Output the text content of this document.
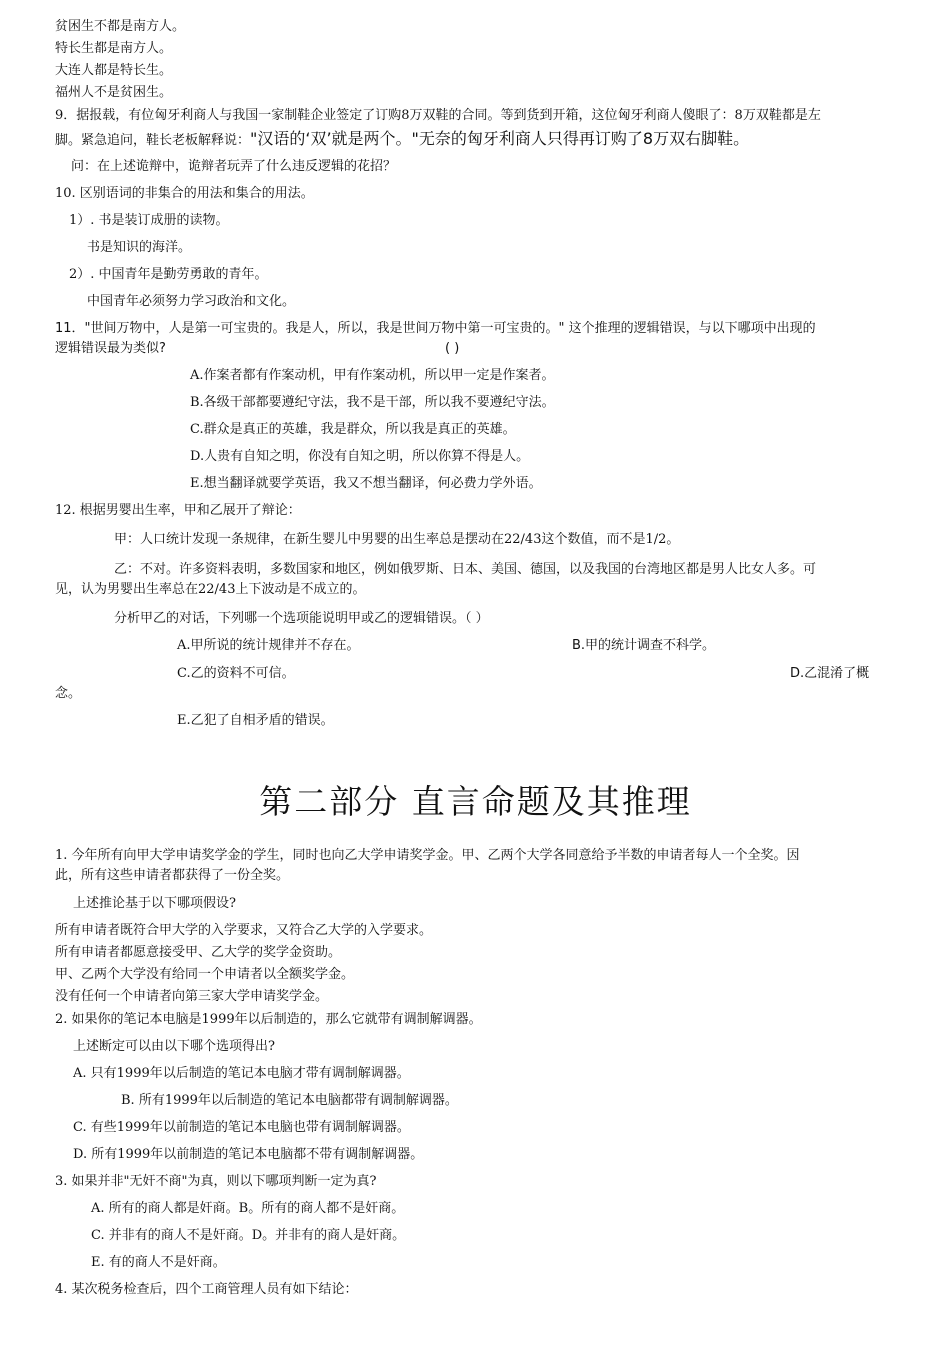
贫困生不都是南方人。
特长生都是南方人。
大连人都是特长生。
福州人不是贫困生。
9．据报载，有位匈牙利商人与我国一家制鞋企业签定了订购8万双鞋的合同。等到货到开箱，这位匈牙利商人傻眼了：8万双鞋都是左
脚。紧急追问，鞋长老板解释说："汉语的‘双’就是两个。"无奈的匈牙利商人只得再订购了8万双右脚鞋。
问：在上述诡辩中，诡辩者玩弄了什么违反逻辑的花招？
10. 区别语词的非集合的用法和集合的用法。
1）. 书是装订成册的读物。
书是知识的海洋。
2）. 中国青年是勤劳勇敢的青年。
中国青年必须努力学习政治和文化。
11．"世间万物中，人是第一可宝贵的。我是人，所以，我是世间万物中第一可宝贵的。" 这个推理的逻辑错误，与以下哪项中出现的
逻辑错误最为类似?	( )
A.作案者都有作案动机，甲有作案动机，所以甲一定是作案者。
B.各级干部都要遵纪守法，我不是干部，所以我不要遵纪守法。
C.群众是真正的英雄，我是群众，所以我是真正的英雄。
D.人贵有自知之明，你没有自知之明，所以你算不得是人。
E.想当翻译就要学英语，我又不想当翻译，何必费力学外语。
12. 根据男婴出生率，甲和乙展开了辩论：
甲：人口统计发现一条规律，在新生婴儿中男婴的出生率总是摆动在22/43这个数值，而不是1/2。
乙：不对。许多资料表明，多数国家和地区，例如俄罗斯、日本、美国、德国，以及我国的台湾地区都是男人比女人多。可
见，认为男婴出生率总在22/43上下波动是不成立的。
分析甲乙的对话，下列哪一个选项能说明甲或乙的逻辑错误。（ ）
A.甲所说的统计规律并不存在。	B.甲的统计调查不科学。
C.乙的资料不可信。	D.乙混淆了概
念。
E.乙犯了自相矛盾的错误。
第二部分 直言命题及其推理
1. 今年所有向甲大学申请奖学金的学生，同时也向乙大学申请奖学金。甲、乙两个大学各同意给予半数的申请者每人一个全奖。因
此，所有这些申请者都获得了一份全奖。
上述推论基于以下哪项假设?
所有申请者既符合甲大学的入学要求，又符合乙大学的入学要求。
所有申请者都愿意接受甲、乙大学的奖学金资助。
甲、乙两个大学没有给同一个申请者以全额奖学金。
没有任何一个申请者向第三家大学申请奖学金。
2. 如果你的笔记本电脑是1999年以后制造的，那么它就带有调制解调器。
上述断定可以由以下哪个选项得出?
A. 只有1999年以后制造的笔记本电脑才带有调制解调器。
B. 所有1999年以后制造的笔记本电脑都带有调制解调器。
C. 有些1999年以前制造的笔记本电脑也带有调制解调器。
D. 所有1999年以前制造的笔记本电脑都不带有调制解调器。
3. 如果并非"无奸不商"为真，则以下哪项判断一定为真?
A. 所有的商人都是奸商。B。所有的商人都不是奸商。
C. 并非有的商人不是奸商。D。并非有的商人是奸商。
E. 有的商人不是奸商。
4. 某次税务检查后，四个工商管理人员有如下结论：
